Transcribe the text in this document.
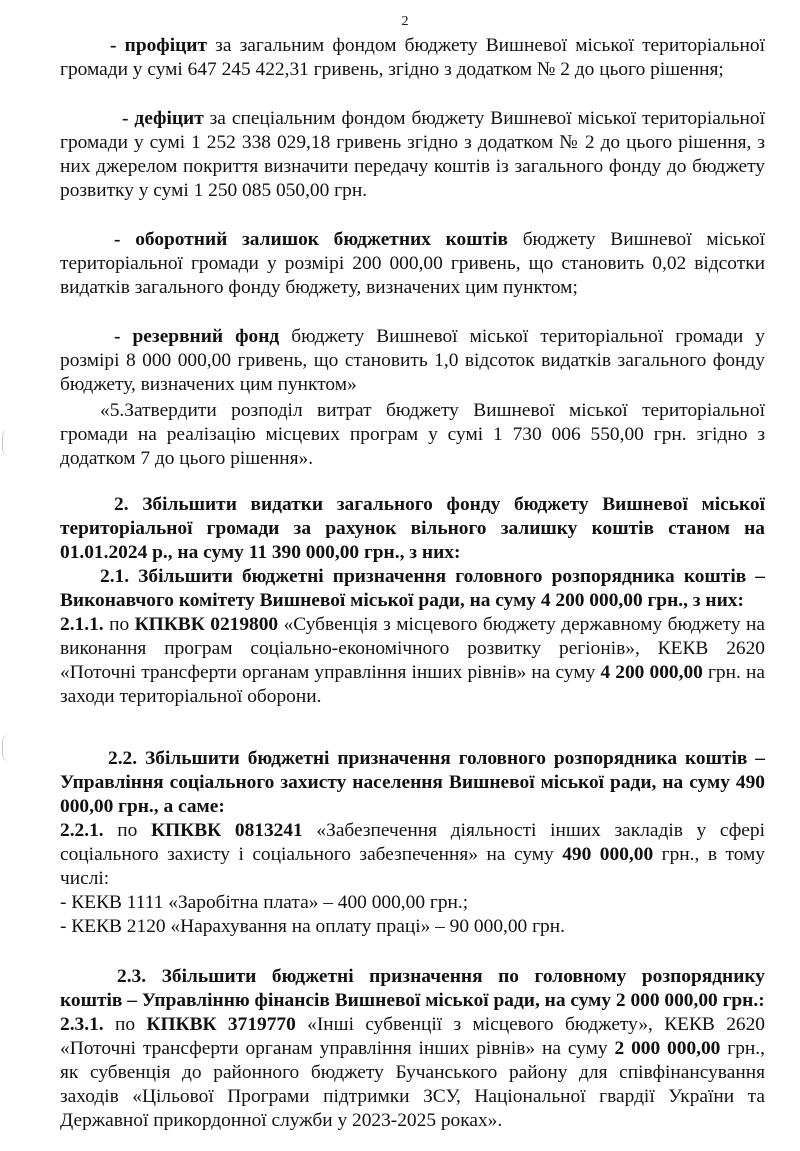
2

- профіцит за загальним фондом бюджету Вишневої міської територіальної громади у сумі 647 245 422,31 гривень, згідно з додатком № 2 до цього рішення;

- дефіцит за спеціальним фондом бюджету Вишневої міської територіальної громади у сумі 1 252 338 029,18 гривень згідно з додатком № 2 до цього рішення, з них джерелом покриття визначити передачу коштів із загального фонду до бюджету розвитку у сумі 1 250 085 050,00 грн.

- оборотний залишок бюджетних коштів бюджету Вишневої міської територіальної громади у розмірі 200 000,00 гривень, що становить 0,02 відсотки видатків загального фонду бюджету, визначених цим пунктом;

- резервний фонд бюджету Вишневої міської територіальної громади у розмірі 8 000 000,00 гривень, що становить 1,0 відсоток видатків загального фонду бюджету, визначених цим пунктом»

«5.Затвердити розподіл витрат бюджету Вишневої міської територіальної громади на реалізацію місцевих програм у сумі 1 730 006 550,00 грн. згідно з додатком 7 до цього рішення».

2. Збільшити видатки загального фонду бюджету Вишневої міської територіальної громади за рахунок вільного залишку коштів станом на 01.01.2024 р., на суму 11 390 000,00 грн., з них:

2.1. Збільшити бюджетні призначення головного розпорядника коштів – Виконавчого комітету Вишневої міської ради, на суму 4 200 000,00 грн., з них:

2.1.1. по КПКВК 0219800 «Субвенція з місцевого бюджету державному бюджету на виконання програм соціально-економічного розвитку регіонів», КЕКВ 2620 «Поточні трансферти органам управління інших рівнів» на суму 4 200 000,00 грн. на заходи територіальної оборони.

2.2. Збільшити бюджетні призначення головного розпорядника коштів – Управління соціального захисту населення Вишневої міської ради, на суму 490 000,00 грн., а саме:

2.2.1. по КПКВК 0813241 «Забезпечення діяльності інших закладів у сфері соціального захисту і соціального забезпечення» на суму 490 000,00 грн., в тому числі:

- КЕКВ 1111 «Заробітна плата» – 400 000,00 грн.;

- КЕКВ 2120 «Нарахування на оплату праці» – 90 000,00 грн.

2.3. Збільшити бюджетні призначення по головному розпоряднику коштів – Управлінню фінансів Вишневої міської ради, на суму 2 000 000,00 грн.:

2.3.1. по КПКВК 3719770 «Інші субвенції з місцевого бюджету», КЕКВ 2620 «Поточні трансферти органам управління інших рівнів» на суму 2 000 000,00 грн., як субвенція до районного бюджету Бучанського району для співфінансування заходів «Цільової Програми підтримки ЗСУ, Національної гвардії України та Державної прикордонної служби у 2023-2025 роках».
